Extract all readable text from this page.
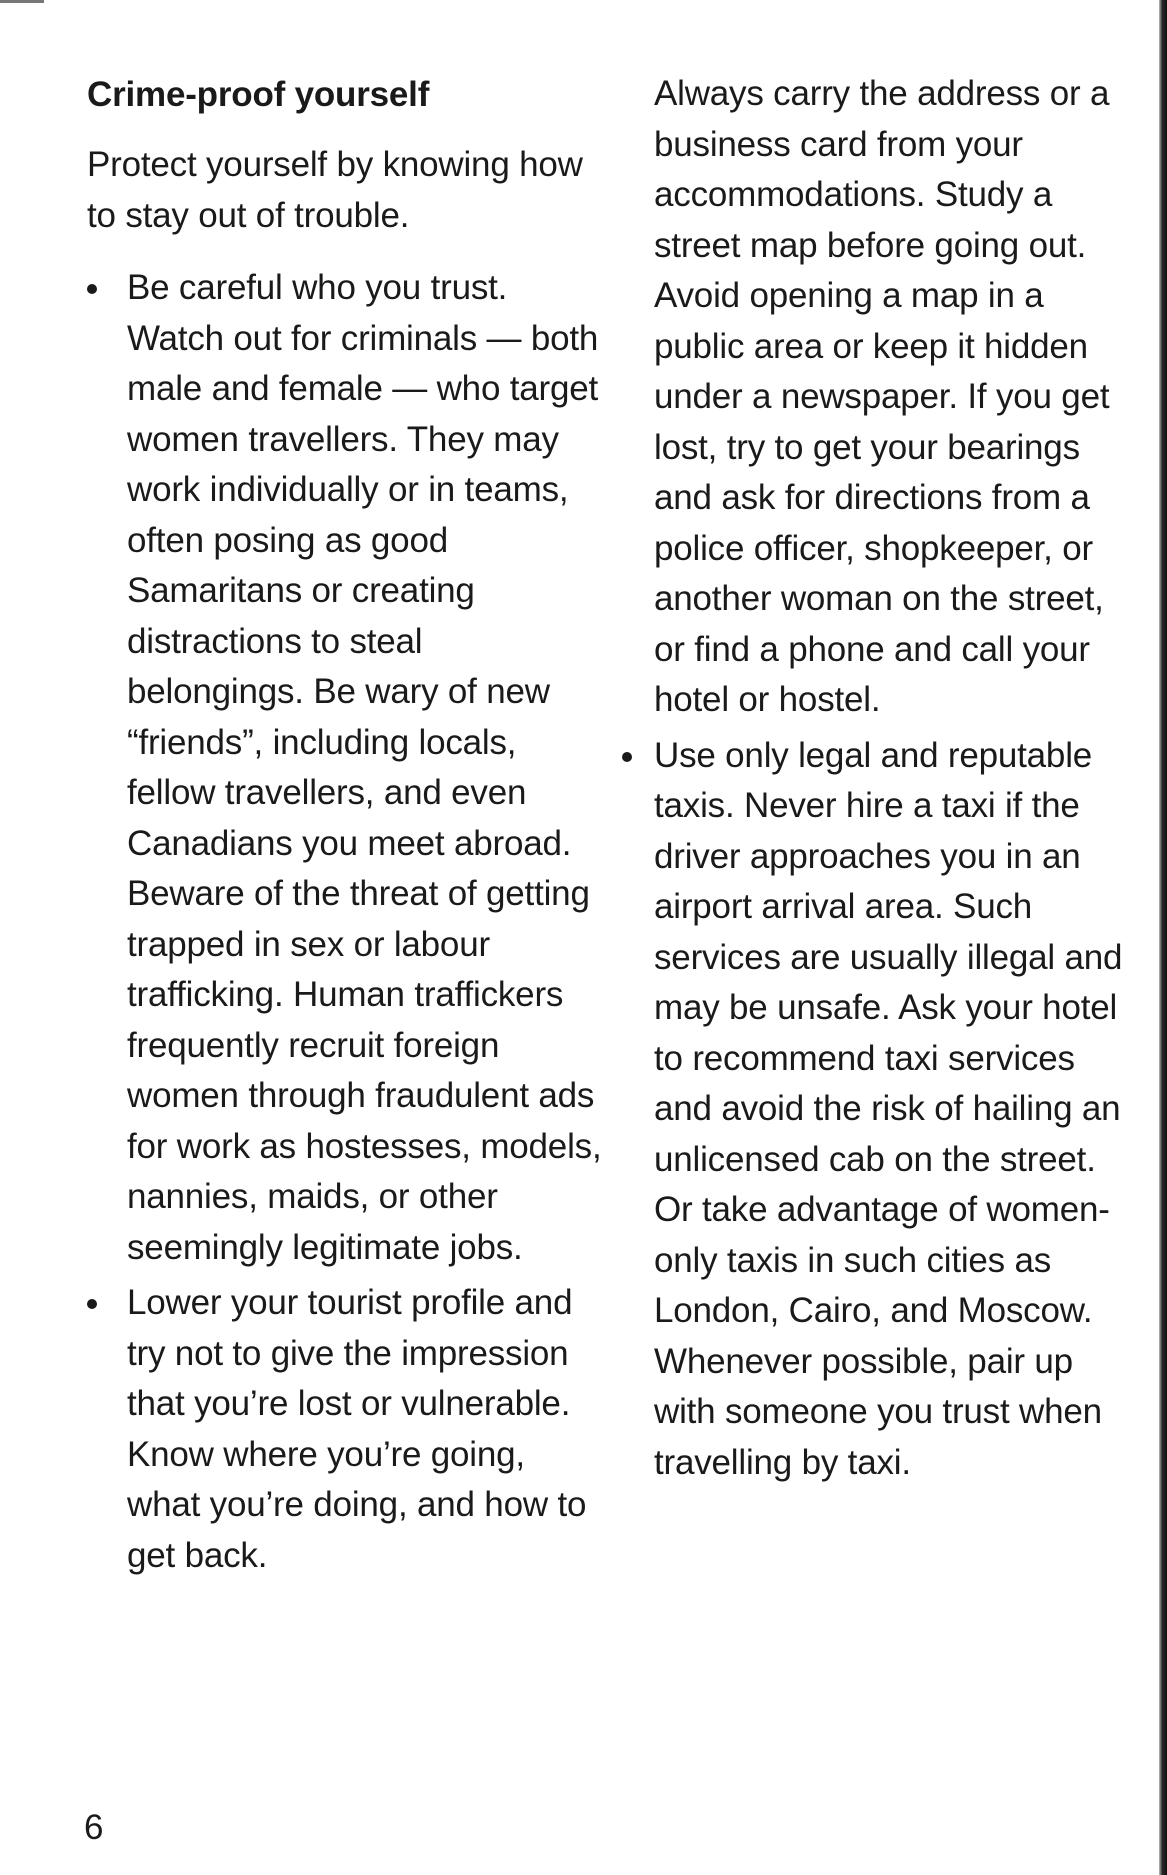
Crime-proof yourself

Protect yourself by knowing how to stay out of trouble.

Be careful who you trust. Watch out for criminals — both male and female — who target women travellers. They may work individually or in teams, often posing as good Samaritans or creating distractions to steal belongings. Be wary of new “friends”, including locals, fellow travellers, and even Canadians you meet abroad. Beware of the threat of getting trapped in sex or labour trafficking. Human traffickers frequently recruit foreign women through fraudulent ads for work as hostesses, models, nannies, maids, or other seemingly legitimate jobs.
Lower your tourist profile and try not to give the impression that you’re lost or vulnerable. Know where you’re going, what you’re doing, and how to get back.

Always carry the address or a business card from your accommodations. Study a street map before going out. Avoid opening a map in a public area or keep it hidden under a newspaper. If you get lost, try to get your bearings and ask for directions from a police officer, shopkeeper, or another woman on the street, or find a phone and call your hotel or hostel.

Use only legal and reputable taxis. Never hire a taxi if the driver approaches you in an airport arrival area. Such services are usually illegal and may be unsafe. Ask your hotel to recommend taxi services and avoid the risk of hailing an unlicensed cab on the street. Or take advantage of women-only taxis in such cities as London, Cairo, and Moscow. Whenever possible, pair up with someone you trust when travelling by taxi.
6
